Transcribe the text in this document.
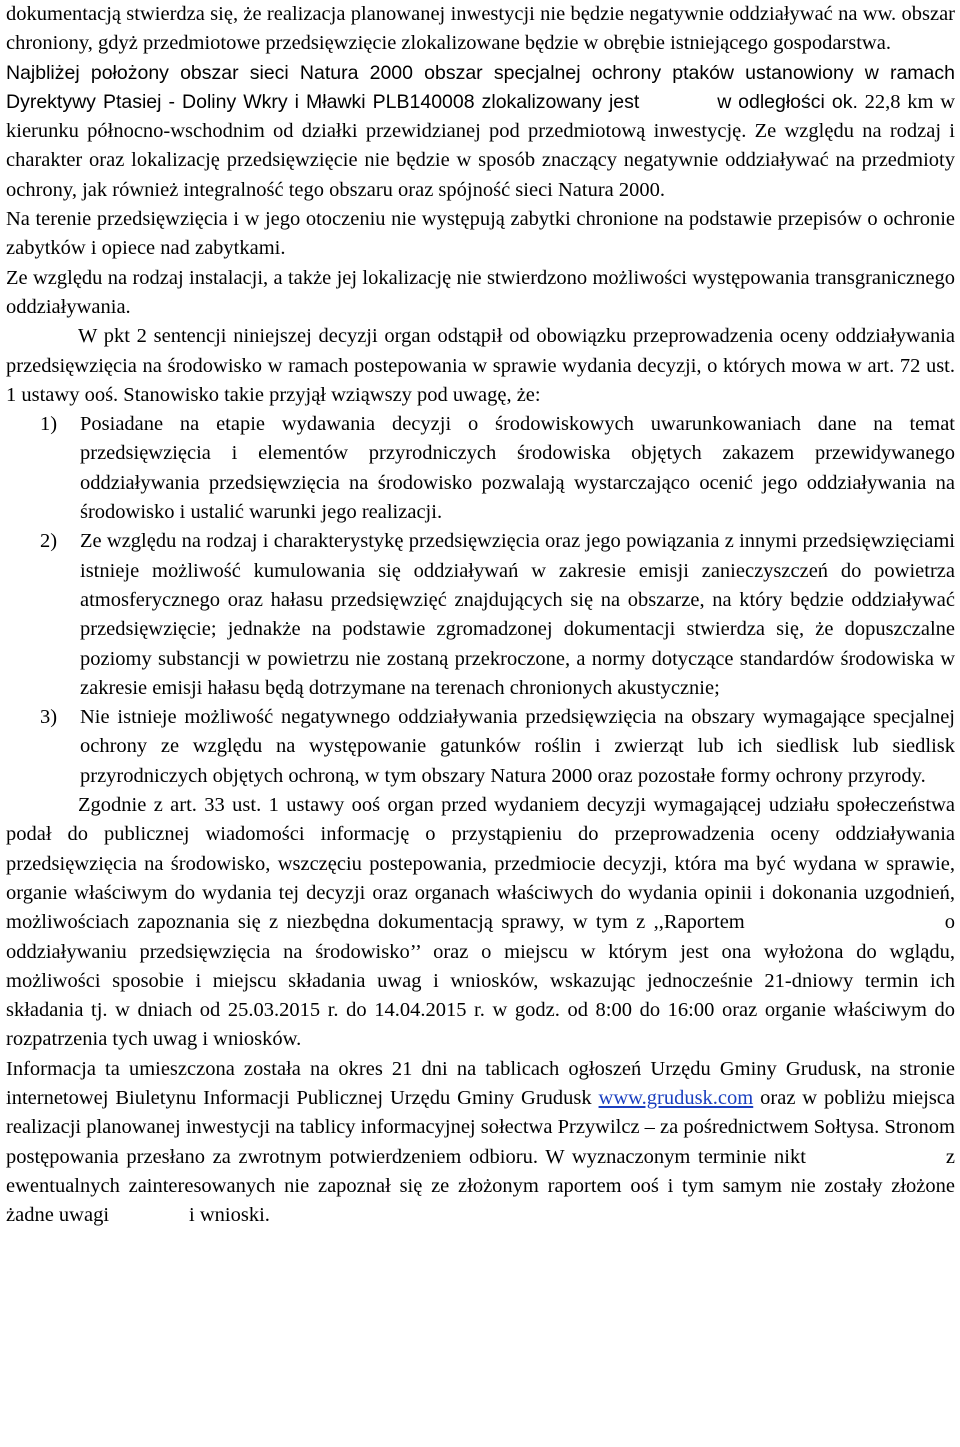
dokumentacją stwierdza się, że realizacja planowanej inwestycji nie będzie negatywnie oddziaływać na ww. obszar chroniony, gdyż przedmiotowe przedsięwzięcie zlokalizowane będzie w obrębie istniejącego gospodarstwa.

Najbliżej położony obszar sieci Natura 2000 obszar specjalnej ochrony ptaków ustanowiony w ramach Dyrektywy Ptasiej - Doliny Wkry i Mławki PLB140008 zlokalizowany jest	w odległości ok. 22,8 km w kierunku północno-wschodnim od działki przewidzianej pod przedmiotową inwestycję. Ze względu na rodzaj i charakter oraz lokalizację przedsięwzięcie nie będzie w sposób znaczący negatywnie oddziaływać na przedmioty ochrony, jak również integralność tego obszaru oraz spójność sieci Natura 2000.

Na terenie przedsięwzięcia i w jego otoczeniu nie występują zabytki chronione na podstawie przepisów o ochronie zabytków i opiece nad zabytkami.

Ze względu na rodzaj instalacji, a także jej lokalizację nie stwierdzono możliwości występowania transgranicznego oddziaływania.

W pkt 2 sentencji niniejszej decyzji organ odstąpił od obowiązku przeprowadzenia oceny oddziaływania przedsięwzięcia na środowisko w ramach postepowania w sprawie wydania decyzji, o których mowa w art. 72 ust. 1 ustawy ooś. Stanowisko takie przyjął wziąwszy pod uwagę, że:

1)	Posiadane na etapie wydawania decyzji o środowiskowych uwarunkowaniach dane na temat przedsięwzięcia i elementów przyrodniczych środowiska objętych zakazem przewidywanego oddziaływania przedsięwzięcia na środowisko pozwalają wystarczająco ocenić jego oddziaływania na środowisko i ustalić warunki jego realizacji.
2)	Ze względu na rodzaj i charakterystykę przedsięwzięcia oraz jego powiązania z innymi przedsięwzięciami istnieje możliwość kumulowania się oddziaływań w zakresie emisji zanieczyszczeń do powietrza atmosferycznego oraz hałasu przedsięwzięć znajdujących się na obszarze, na który będzie oddziaływać przedsięwzięcie; jednakże na podstawie zgromadzonej dokumentacji stwierdza się, że dopuszczalne poziomy substancji w powietrzu nie zostaną przekroczone, a normy dotyczące standardów środowiska w zakresie emisji hałasu będą dotrzymane na terenach chronionych akustycznie;
3)	Nie istnieje możliwość negatywnego oddziaływania przedsięwzięcia na obszary wymagające specjalnej ochrony ze względu na występowanie gatunków roślin i zwierząt lub ich siedlisk lub siedlisk przyrodniczych objętych ochroną, w tym obszary Natura 2000 oraz pozostałe formy ochrony przyrody.

Zgodnie z art. 33 ust. 1 ustawy ooś organ przed wydaniem decyzji wymagającej udziału społeczeństwa podał do publicznej wiadomości informację o przystąpieniu do przeprowadzenia oceny oddziaływania przedsięwzięcia na środowisko, wszczęciu postepowania, przedmiocie decyzji, która ma być wydana w sprawie, organie właściwym do wydania tej decyzji oraz organach właściwych do wydania opinii i dokonania uzgodnień, możliwościach zapoznania się z niezbędna dokumentacją sprawy, w tym z ,,Raportem	o oddziaływaniu przedsięwzięcia na środowisko’’ oraz o miejscu w którym jest ona wyłożona do wglądu, możliwości sposobie i miejscu składania uwag i wniosków, wskazując jednocześnie 21-dniowy termin ich składania tj. w dniach od 25.03.2015 r. do 14.04.2015 r. w godz. od 8:00 do 16:00 oraz organie właściwym do rozpatrzenia tych uwag i wniosków.

Informacja ta umieszczona została na okres 21 dni na tablicach ogłoszeń Urzędu Gminy Grudusk, na stronie internetowej Biuletynu Informacji Publicznej Urzędu Gminy Grudusk www.grudusk.com oraz w pobliżu miejsca realizacji planowanej inwestycji na tablicy informacyjnej sołectwa Przywilcz – za pośrednictwem Sołtysa. Stronom postępowania przesłano za zwrotnym potwierdzeniem odbioru. W wyznaczonym terminie nikt	z ewentualnych zainteresowanych nie zapoznał się ze złożonym raportem ooś i tym samym nie zostały złożone żadne uwagi	i wnioski.
